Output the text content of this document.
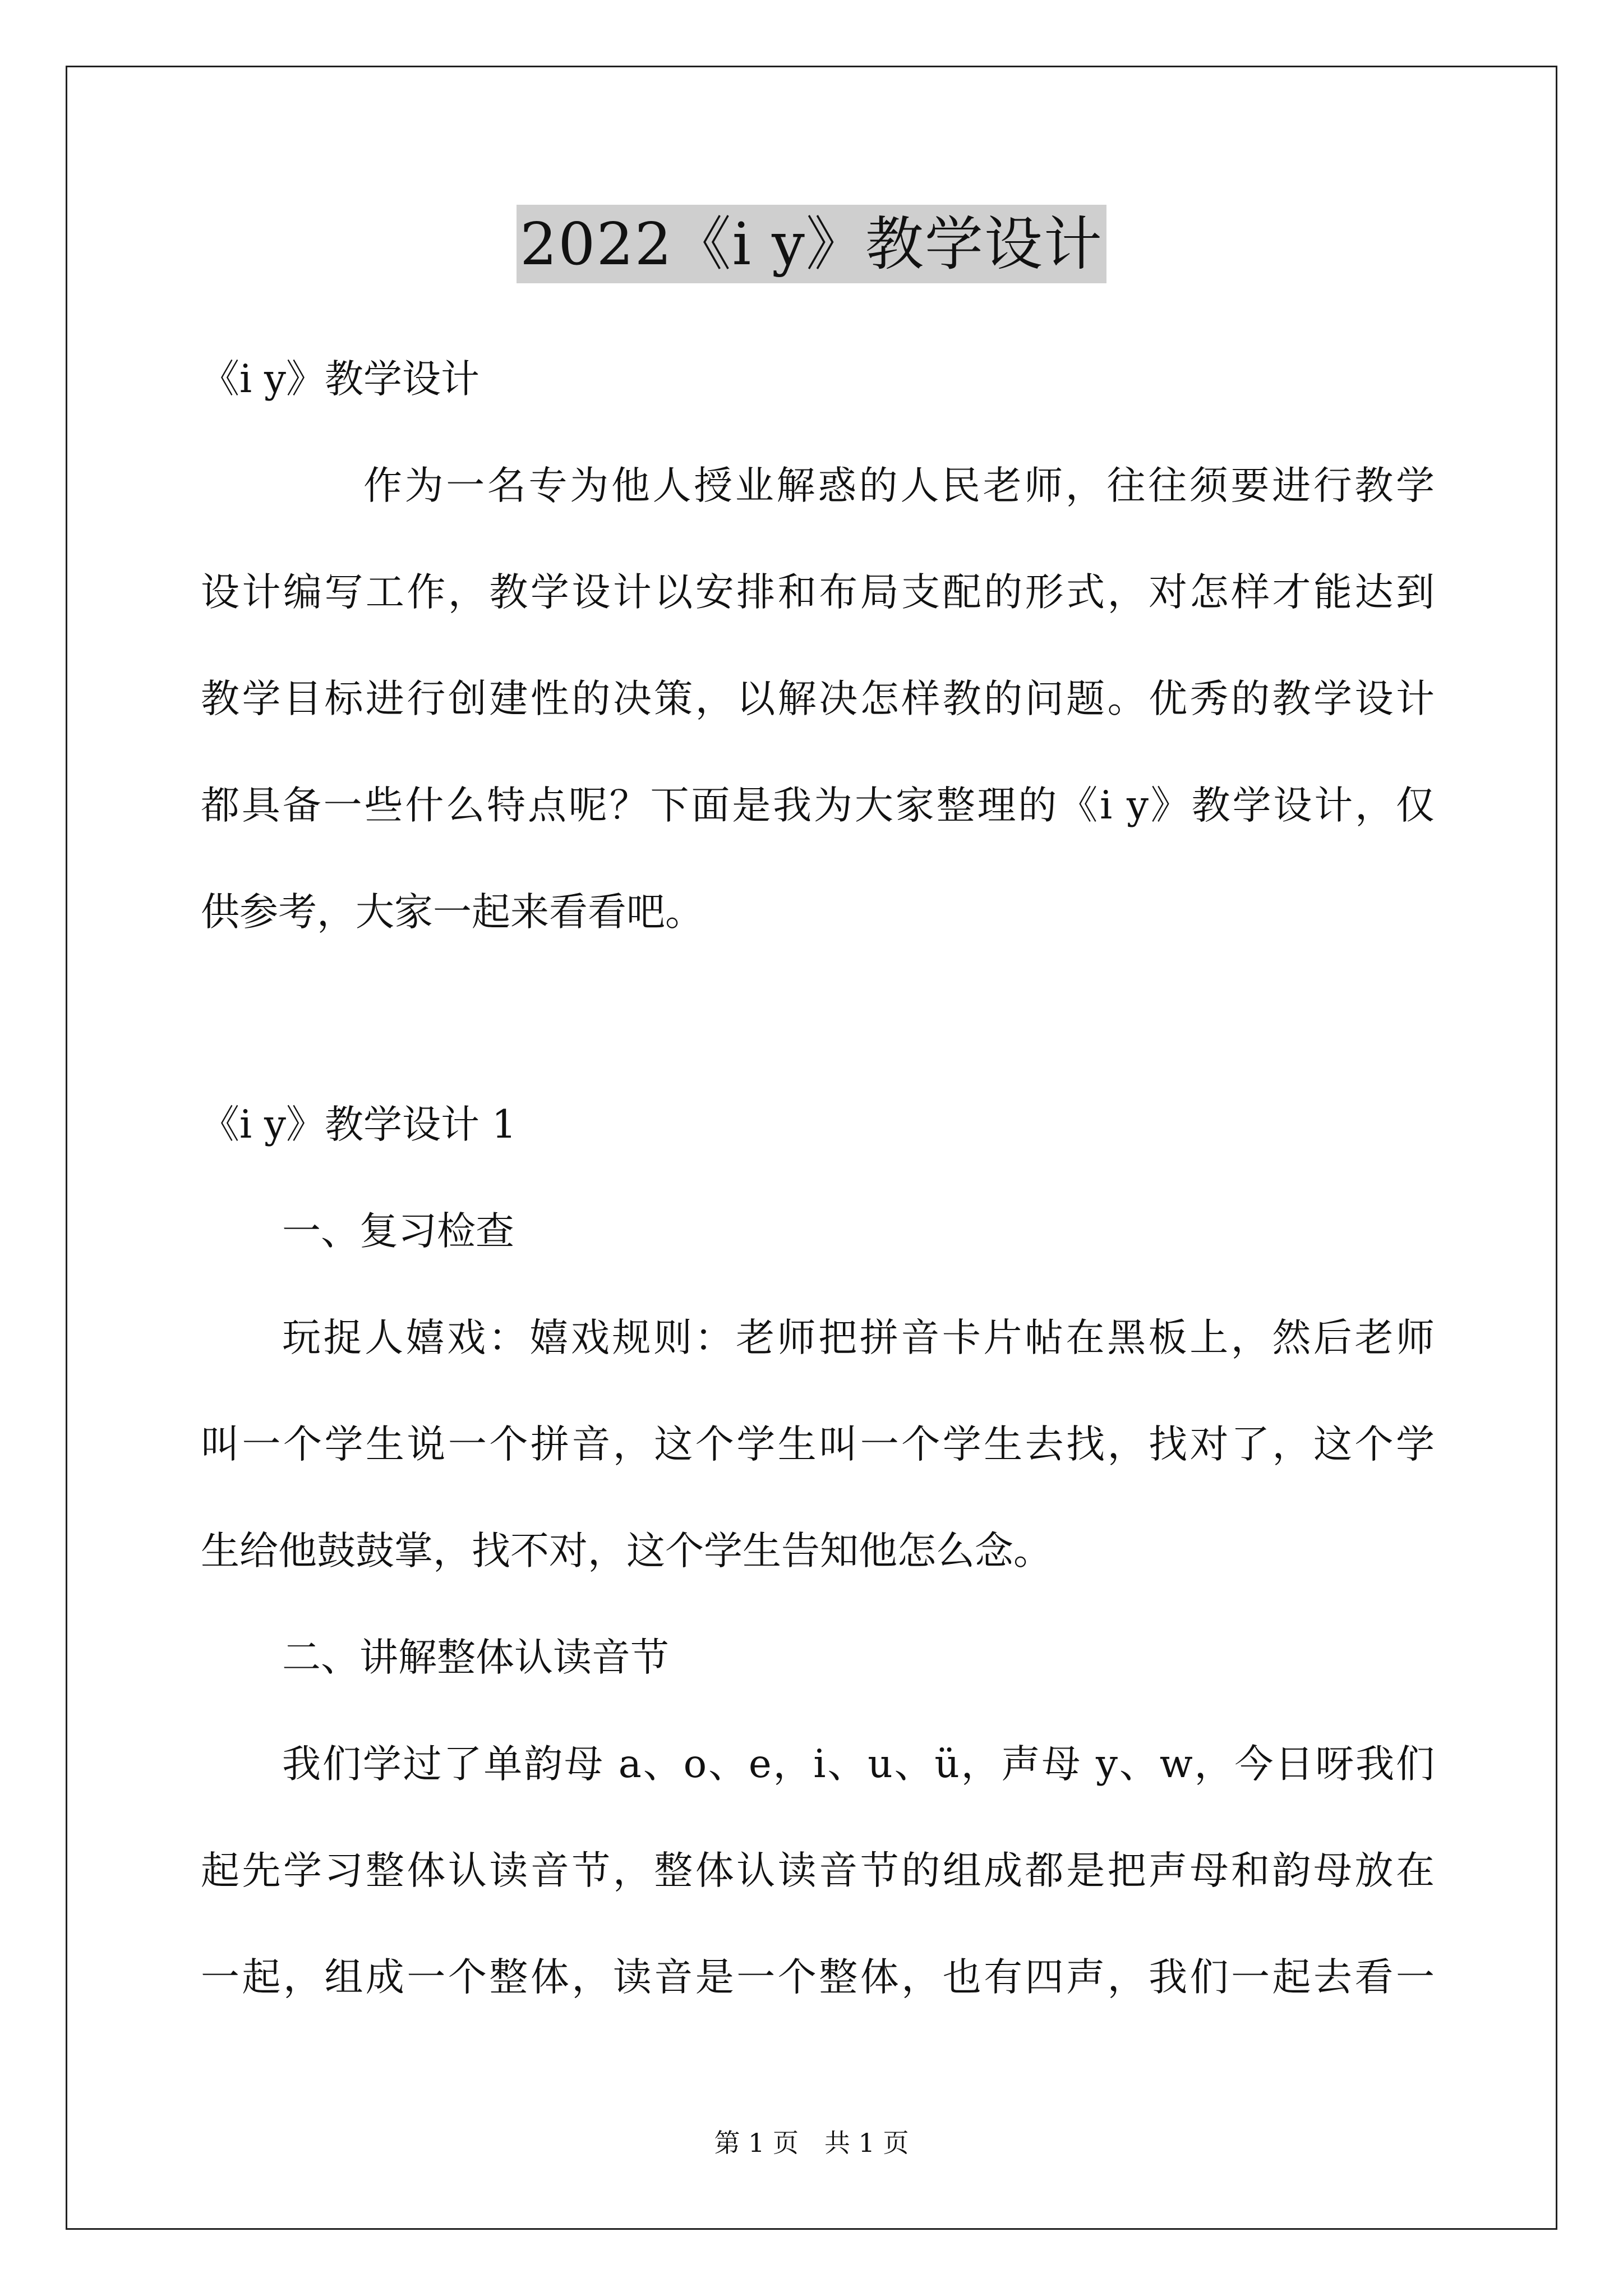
2022《i y》教学设计
《i y》教学设计
作为一名专为他人授业解惑的人民老师，往往须要进行教学
设计编写工作，教学设计以安排和布局支配的形式，对怎样才能达到
教学目标进行创建性的决策，以解决怎样教的问题。优秀的教学设计
都具备一些什么特点呢？下面是我为大家整理的《i y》教学设计，仅
供参考，大家一起来看看吧。
《i y》教学设计 1
一、复习检查
玩捉人嬉戏：嬉戏规则：老师把拼音卡片帖在黑板上，然后老师
叫一个学生说一个拼音，这个学生叫一个学生去找，找对了，这个学
生给他鼓鼓掌，找不对，这个学生告知他怎么念。
二、讲解整体认读音节
我们学过了单韵母 a、o、e，i、u、ü，声母 y、w，今日呀我们
起先学习整体认读音节，整体认读音节的组成都是把声母和韵母放在
一起，组成一个整体，读音是一个整体，也有四声，我们一起去看一
第 1 页　共 1 页
